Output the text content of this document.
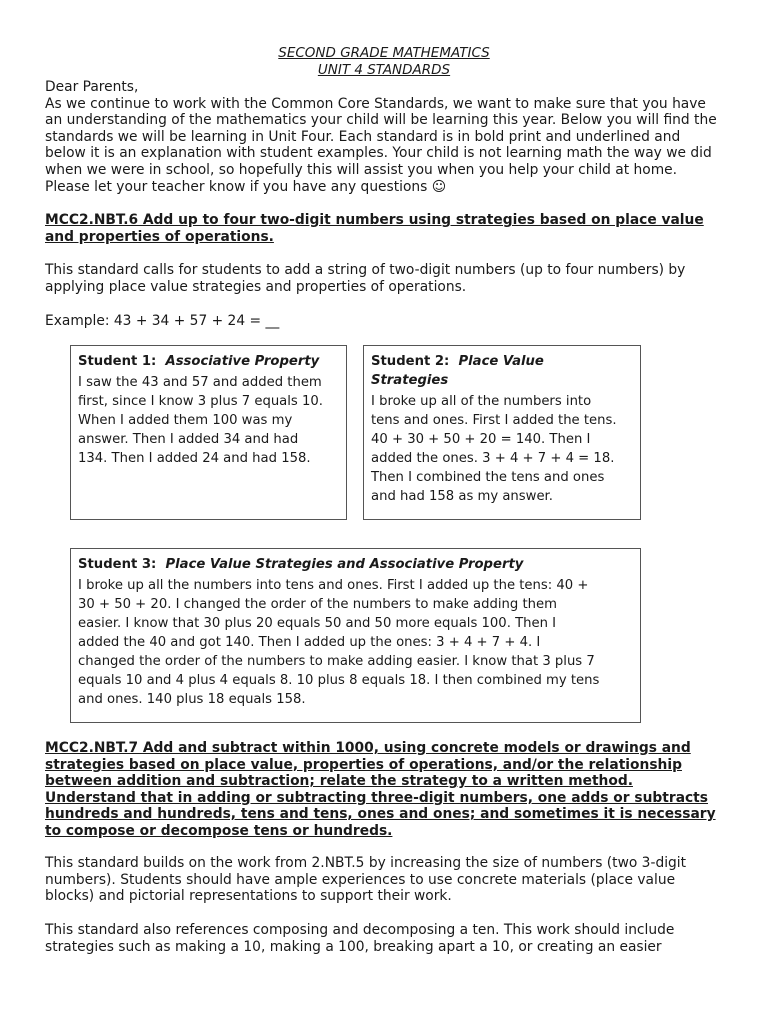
SECOND GRADE MATHEMATICS
UNIT 4 STANDARDS
Dear Parents,
As we continue to work with the Common Core Standards, we want to make sure that you have
an understanding of the mathematics your child will be learning this year. Below you will find the
standards we will be learning in Unit Four. Each standard is in bold print and underlined and
below it is an explanation with student examples. Your child is not learning math the way we did
when we were in school, so hopefully this will assist you when you help your child at home.
Please let your teacher know if you have any questions ☺
MCC2.NBT.6 Add up to four two-digit numbers using strategies based on place value
and properties of operations.
This standard calls for students to add a string of two-digit numbers (up to four numbers) by
applying place value strategies and properties of operations.
Example: 43 + 34 + 57 + 24 = __
Student 1: Associative Property
I saw the 43 and 57 and added them
first, since I know 3 plus 7 equals 10.
When I added them 100 was my
answer. Then I added 34 and had
134. Then I added 24 and had 158.
Student 2: Place Value
Strategies
I broke up all of the numbers into
tens and ones. First I added the tens.
40 + 30 + 50 + 20 = 140. Then I
added the ones. 3 + 4 + 7 + 4 = 18.
Then I combined the tens and ones
and had 158 as my answer.
Student 3: Place Value Strategies and Associative Property
I broke up all the numbers into tens and ones. First I added up the tens: 40 +
30 + 50 + 20. I changed the order of the numbers to make adding them
easier. I know that 30 plus 20 equals 50 and 50 more equals 100. Then I
added the 40 and got 140. Then I added up the ones: 3 + 4 + 7 + 4. I
changed the order of the numbers to make adding easier. I know that 3 plus 7
equals 10 and 4 plus 4 equals 8. 10 plus 8 equals 18. I then combined my tens
and ones. 140 plus 18 equals 158.
MCC2.NBT.7 Add and subtract within 1000, using concrete models or drawings and
strategies based on place value, properties of operations, and/or the relationship
between addition and subtraction; relate the strategy to a written method.
Understand that in adding or subtracting three-digit numbers, one adds or subtracts
hundreds and hundreds, tens and tens, ones and ones; and sometimes it is necessary
to compose or decompose tens or hundreds.
This standard builds on the work from 2.NBT.5 by increasing the size of numbers (two 3-digit
numbers). Students should have ample experiences to use concrete materials (place value
blocks) and pictorial representations to support their work.
This standard also references composing and decomposing a ten. This work should include
strategies such as making a 10, making a 100, breaking apart a 10, or creating an easier
